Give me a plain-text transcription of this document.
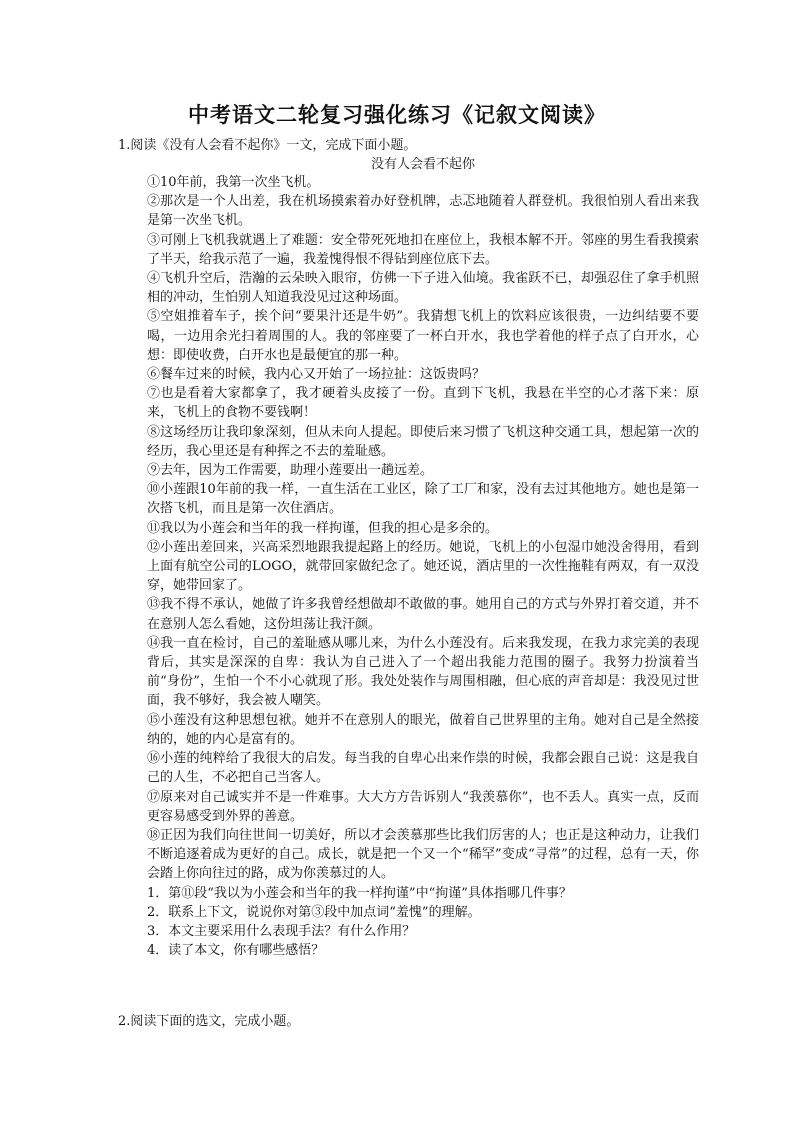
中考语文二轮复习强化练习《记叙文阅读》
1.阅读《没有人会看不起你》一文，完成下面小题。
没有人会看不起你

①10年前，我第一次坐飞机。

②那次是一个人出差，我在机场摸索着办好登机牌，忐忑地随着人群登机。我很怕别人看出来我是第一次坐飞机。

③可刚上飞机我就遇上了难题：安全带死死地扣在座位上，我根本解不开。邻座的男生看我摸索了半天，给我示范了一遍，我羞愧得恨不得钻到座位底下去。

④飞机升空后，浩瀚的云朵映入眼帘，仿佛一下子进入仙境。我雀跃不已，却强忍住了拿手机照相的冲动，生怕别人知道我没见过这种场面。

⑤空姐推着车子，挨个问“要果汁还是牛奶”。我猜想飞机上的饮料应该很贵，一边纠结要不要喝，一边用余光扫着周围的人。我的邻座要了一杯白开水，我也学着他的样子点了白开水，心想：即使收费，白开水也是最便宜的那一种。

⑥餐车过来的时候，我内心又开始了一场拉扯：这饭贵吗？

⑦也是看着大家都拿了，我才硬着头皮接了一份。直到下飞机，我悬在半空的心才落下来：原来，飞机上的食物不要钱啊！

⑧这场经历让我印象深刻，但从未向人提起。即使后来习惯了飞机这种交通工具，想起第一次的经历，我心里还是有种挥之不去的羞耻感。

⑨去年，因为工作需要，助理小莲要出一趟远差。

⑩小莲跟10年前的我一样，一直生活在工业区，除了工厂和家，没有去过其他地方。她也是第一次搭飞机，而且是第一次住酒店。

⑪我以为小莲会和当年的我一样拘谨，但我的担心是多余的。

⑫小莲出差回来，兴高采烈地跟我提起路上的经历。她说，飞机上的小包湿巾她没舍得用，看到上面有航空公司的LOGO，就带回家做纪念了。她还说，酒店里的一次性拖鞋有两双，有一双没穿，她带回家了。

⑬我不得不承认，她做了许多我曾经想做却不敢做的事。她用自己的方式与外界打着交道，并不在意别人怎么看她，这份坦荡让我汗颜。

⑭我一直在检讨，自己的羞耻感从哪儿来，为什么小莲没有。后来我发现，在我力求完美的表现背后，其实是深深的自卑：我认为自己进入了一个超出我能力范围的圈子。我努力扮演着当前“身份”，生怕一个不小心就现了形。我处处装作与周围相融，但心底的声音却是：我没见过世面，我不够好，我会被人嘲笑。

⑮小莲没有这种思想包袱。她并不在意别人的眼光，做着自己世界里的主角。她对自己是全然接纳的，她的内心是富有的。

⑯小莲的纯粹给了我很大的启发。每当我的自卑心出来作祟的时候，我都会跟自己说：这是我自己的人生，不必把自己当客人。

⑰原来对自己诚实并不是一件难事。大大方方告诉别人“我羡慕你”，也不丢人。真实一点，反而更容易感受到外界的善意。

⑱正因为我们向往世间一切美好，所以才会羡慕那些比我们厉害的人；也正是这种动力，让我们不断追逐着成为更好的自己。成长，就是把一个又一个“稀罕”变成“寻常”的过程，总有一天，你会踏上你向往过的路，成为你羡慕过的人。

1．第⑪段“我以为小莲会和当年的我一样拘谨”中“拘谨”具体指哪几件事？

2．联系上下文，说说你对第③段中加点词“羞愧”的理解。

3．本文主要采用什么表现手法？有什么作用？

4．读了本文，你有哪些感悟？

2.阅读下面的选文，完成小题。
